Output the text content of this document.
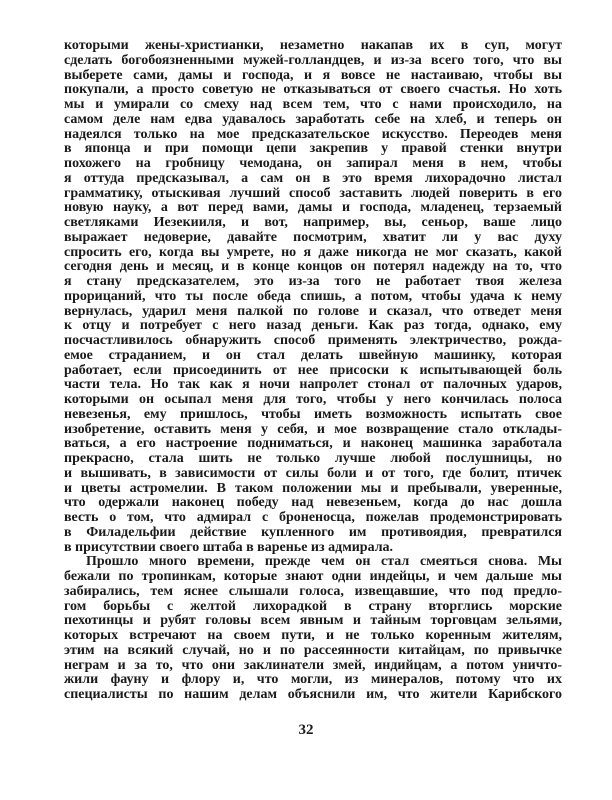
которыми жены-христианки, незаметно накапав их в суп, могут
сделать богобоязненными мужей-голландцев, и из-за всего того, что вы
выберете сами, дамы и господа, и я вовсе не настаиваю, чтобы вы
покупали, а просто советую не отказываться от своего счастья. Но хоть
мы и умирали со смеху над всем тем, что с нами происходило, на
самом деле нам едва удавалось заработать себе на хлеб, и теперь он
надеялся только на мое предсказательское искусство. Переодев меня
в японца и при помощи цепи закрепив у правой стенки внутри
похожего на гробницу чемодана, он запирал меня в нем, чтобы
я оттуда предсказывал, а сам он в это время лихорадочно листал
грамматику, отыскивая лучший способ заставить людей поверить в его
новую науку, а вот перед вами, дамы и господа, младенец, терзаемый
светляками Иезекииля, и вот, например, вы, сеньор, ваше лицо
выражает недоверие, давайте посмотрим, хватит ли у вас духу
спросить его, когда вы умрете, но я даже никогда не мог сказать, какой
сегодня день и месяц, и в конце концов он потерял надежду на то, что
я стану предсказателем, это из-за того не работает твоя железа
прорицаний, что ты после обеда спишь, а потом, чтобы удача к нему
вернулась, ударил меня палкой по голове и сказал, что отведет меня
к отцу и потребует с него назад деньги. Как раз тогда, однако, ему
посчастливилось обнаружить способ применять электричество, рожда-
емое страданием, и он стал делать швейную машинку, которая
работает, если присоединить от нее присоски к испытывающей боль
части тела. Но так как я ночи напролет стонал от палочных ударов,
которыми он осыпал меня для того, чтобы у него кончилась полоса
невезенья, ему пришлось, чтобы иметь возможность испытать свое
изобретение, оставить меня у себя, и мое возвращение стало отклады-
ваться, а его настроение подниматься, и наконец машинка заработала
прекрасно, стала шить не только лучше любой послушницы, но
и вышивать, в зависимости от силы боли и от того, где болит, птичек
и цветы астромелии. В таком положении мы и пребывали, уверенные,
что одержали наконец победу над невезеньем, когда до нас дошла
весть о том, что адмирал с броненосца, пожелав продемонстрировать
в Филадельфии действие купленного им противоядия, превратился
в присутствии своего штаба в варенье из адмирала.
Прошло много времени, прежде чем он стал смеяться снова. Мы
бежали по тропинкам, которые знают одни индейцы, и чем дальше мы
забирались, тем яснее слышали голоса, извещавшие, что под предло-
гом борьбы с желтой лихорадкой в страну вторглись морские
пехотинцы и рубят головы всем явным и тайным торговцам зельями,
которых встречают на своем пути, и не только коренным жителям,
этим на всякий случай, но и по рассеянности китайцам, по привычке
неграм и за то, что они заклинатели змей, индийцам, а потом уничто-
жили фауну и флору и, что могли, из минералов, потому что их
специалисты по нашим делам объяснили им, что жители Карибского
32
